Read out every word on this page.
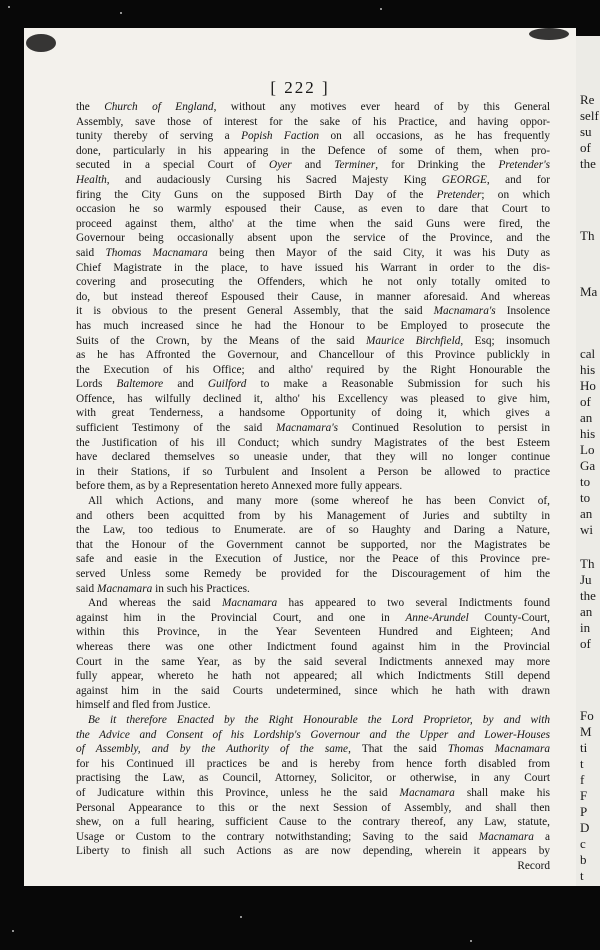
[ 222 ]
the Church of England, without any motives ever heard of by this General
Assembly, save those of interest for the sake of his Practice, and having oppor-
tunity thereby of serving a Popish Faction on all occasions, as he has frequently
done, particularly in his appearing in the Defence of some of them, when pro-
secuted in a special Court of Oyer and Terminer, for Drinking the Pretender's
Health, and audaciously Cursing his Sacred Majesty King GEORGE, and for
firing the City Guns on the supposed Birth Day of the Pretender; on which
occasion he so warmly espoused their Cause, as even to dare that Court to
proceed against them, altho' at the time when the said Guns were fired, the
Governour being occasionally absent upon the service of the Province, and the
said Thomas Macnamara being then Mayor of the said City, it was his Duty as
Chief Magistrate in the place, to have issued his Warrant in order to the dis-
covering and prosecuting the Offenders, which he not only totally omited to
do, but instead thereof Espoused their Cause, in manner aforesaid. And whereas
it is obvious to the present General Assembly, that the said Macnamara's Insolence
has much increased since he had the Honour to be Employed to prosecute the
Suits of the Crown, by the Means of the said Maurice Birchfield, Esq; insomuch
as he has Affronted the Governour, and Chancellour of this Province publickly in
the Execution of his Office; and altho' required by the Right Honourable the
Lords Baltemore and Guilford to make a Reasonable Submission for such his
Offence, has wilfully declined it, altho' his Excellency was pleased to give him,
with great Tenderness, a handsome Opportunity of doing it, which gives a
sufficient Testimony of the said Macnamara's Continued Resolution to persist in
the Justification of his ill Conduct; which sundry Magistrates of the best Esteem
have declared themselves so uneasie under, that they will no longer continue
in their Stations, if so Turbulent and Insolent a Person be allowed to practice
before them, as by a Representation hereto Annexed more fully appears.
All which Actions, and many more (some whereof he has been Convict of,
and others been acquitted from by his Management of Juries and subtilty in
the Law, too tedious to Enumerate. are of so Haughty and Daring a Nature,
that the Honour of the Government cannot be supported, nor the Magistrates be
safe and easie in the Execution of Justice, nor the Peace of this Province pre-
served Unless some Remedy be provided for the Discouragement of him the
said Macnamara in such his Practices.
And whereas the said Macnamara has appeared to two several Indictments found
against him in the Provincial Court, and one in Anne-Arundel County-Court,
within this Province, in the Year Seventeen Hundred and Eighteen; And
whereas there was one other Indictment found against him in the Provincial
Court in the same Year, as by the said several Indictments annexed may more
fully appear, whereto he hath not appeared; all which Indictments Still depend
against him in the said Courts undetermined, since which he hath with drawn
himself and fled from Justice.
Be it therefore Enacted by the Right Honourable the Lord Proprietor, by and with
the Advice and Consent of his Lordship's Governour and the Upper and Lower-Houses
of Assembly, and by the Authority of the same, That the said Thomas Macnamara
for his Continued ill practices be and is hereby from hence forth disabled from
practising the Law, as Council, Attorney, Solicitor, or otherwise, in any Court
of Judicature within this Province, unless he the said Macnamara shall make his
Personal Appearance to this or the next Session of Assembly, and shall then
shew, on a full hearing, sufficient Cause to the contrary thereof, any Law, statute,
Usage or Custom to the contrary notwithstanding; Saving to the said Macnamara a
Liberty to finish all such Actions as are now depending, wherein it appears by
Record
Re
self
su
of
the
Th
Ma
cal
his
Ho
of
an
his
Lo
Ga
to
to
an
wi
Th
Ju
the
an
in
of
Fo
M
ti
t
f
F
P
D
c
b
t
